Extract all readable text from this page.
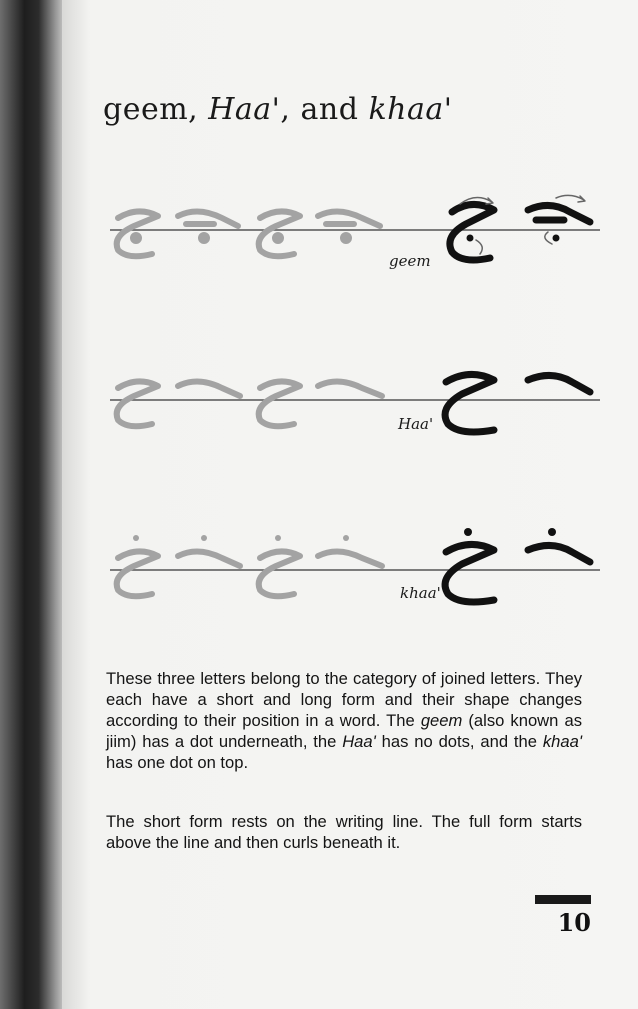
geem, Haa', and khaa'
geem
Haa'
khaa'

These three letters belong to the category of joined letters. They each have a short and long form and their shape changes according to their position in a word. The geem (also known as jiim) has a dot underneath, the Haa' has no dots, and the khaa' has one dot on top.

The short form rests on the writing line. The full form starts above the line and then curls beneath it.

10
